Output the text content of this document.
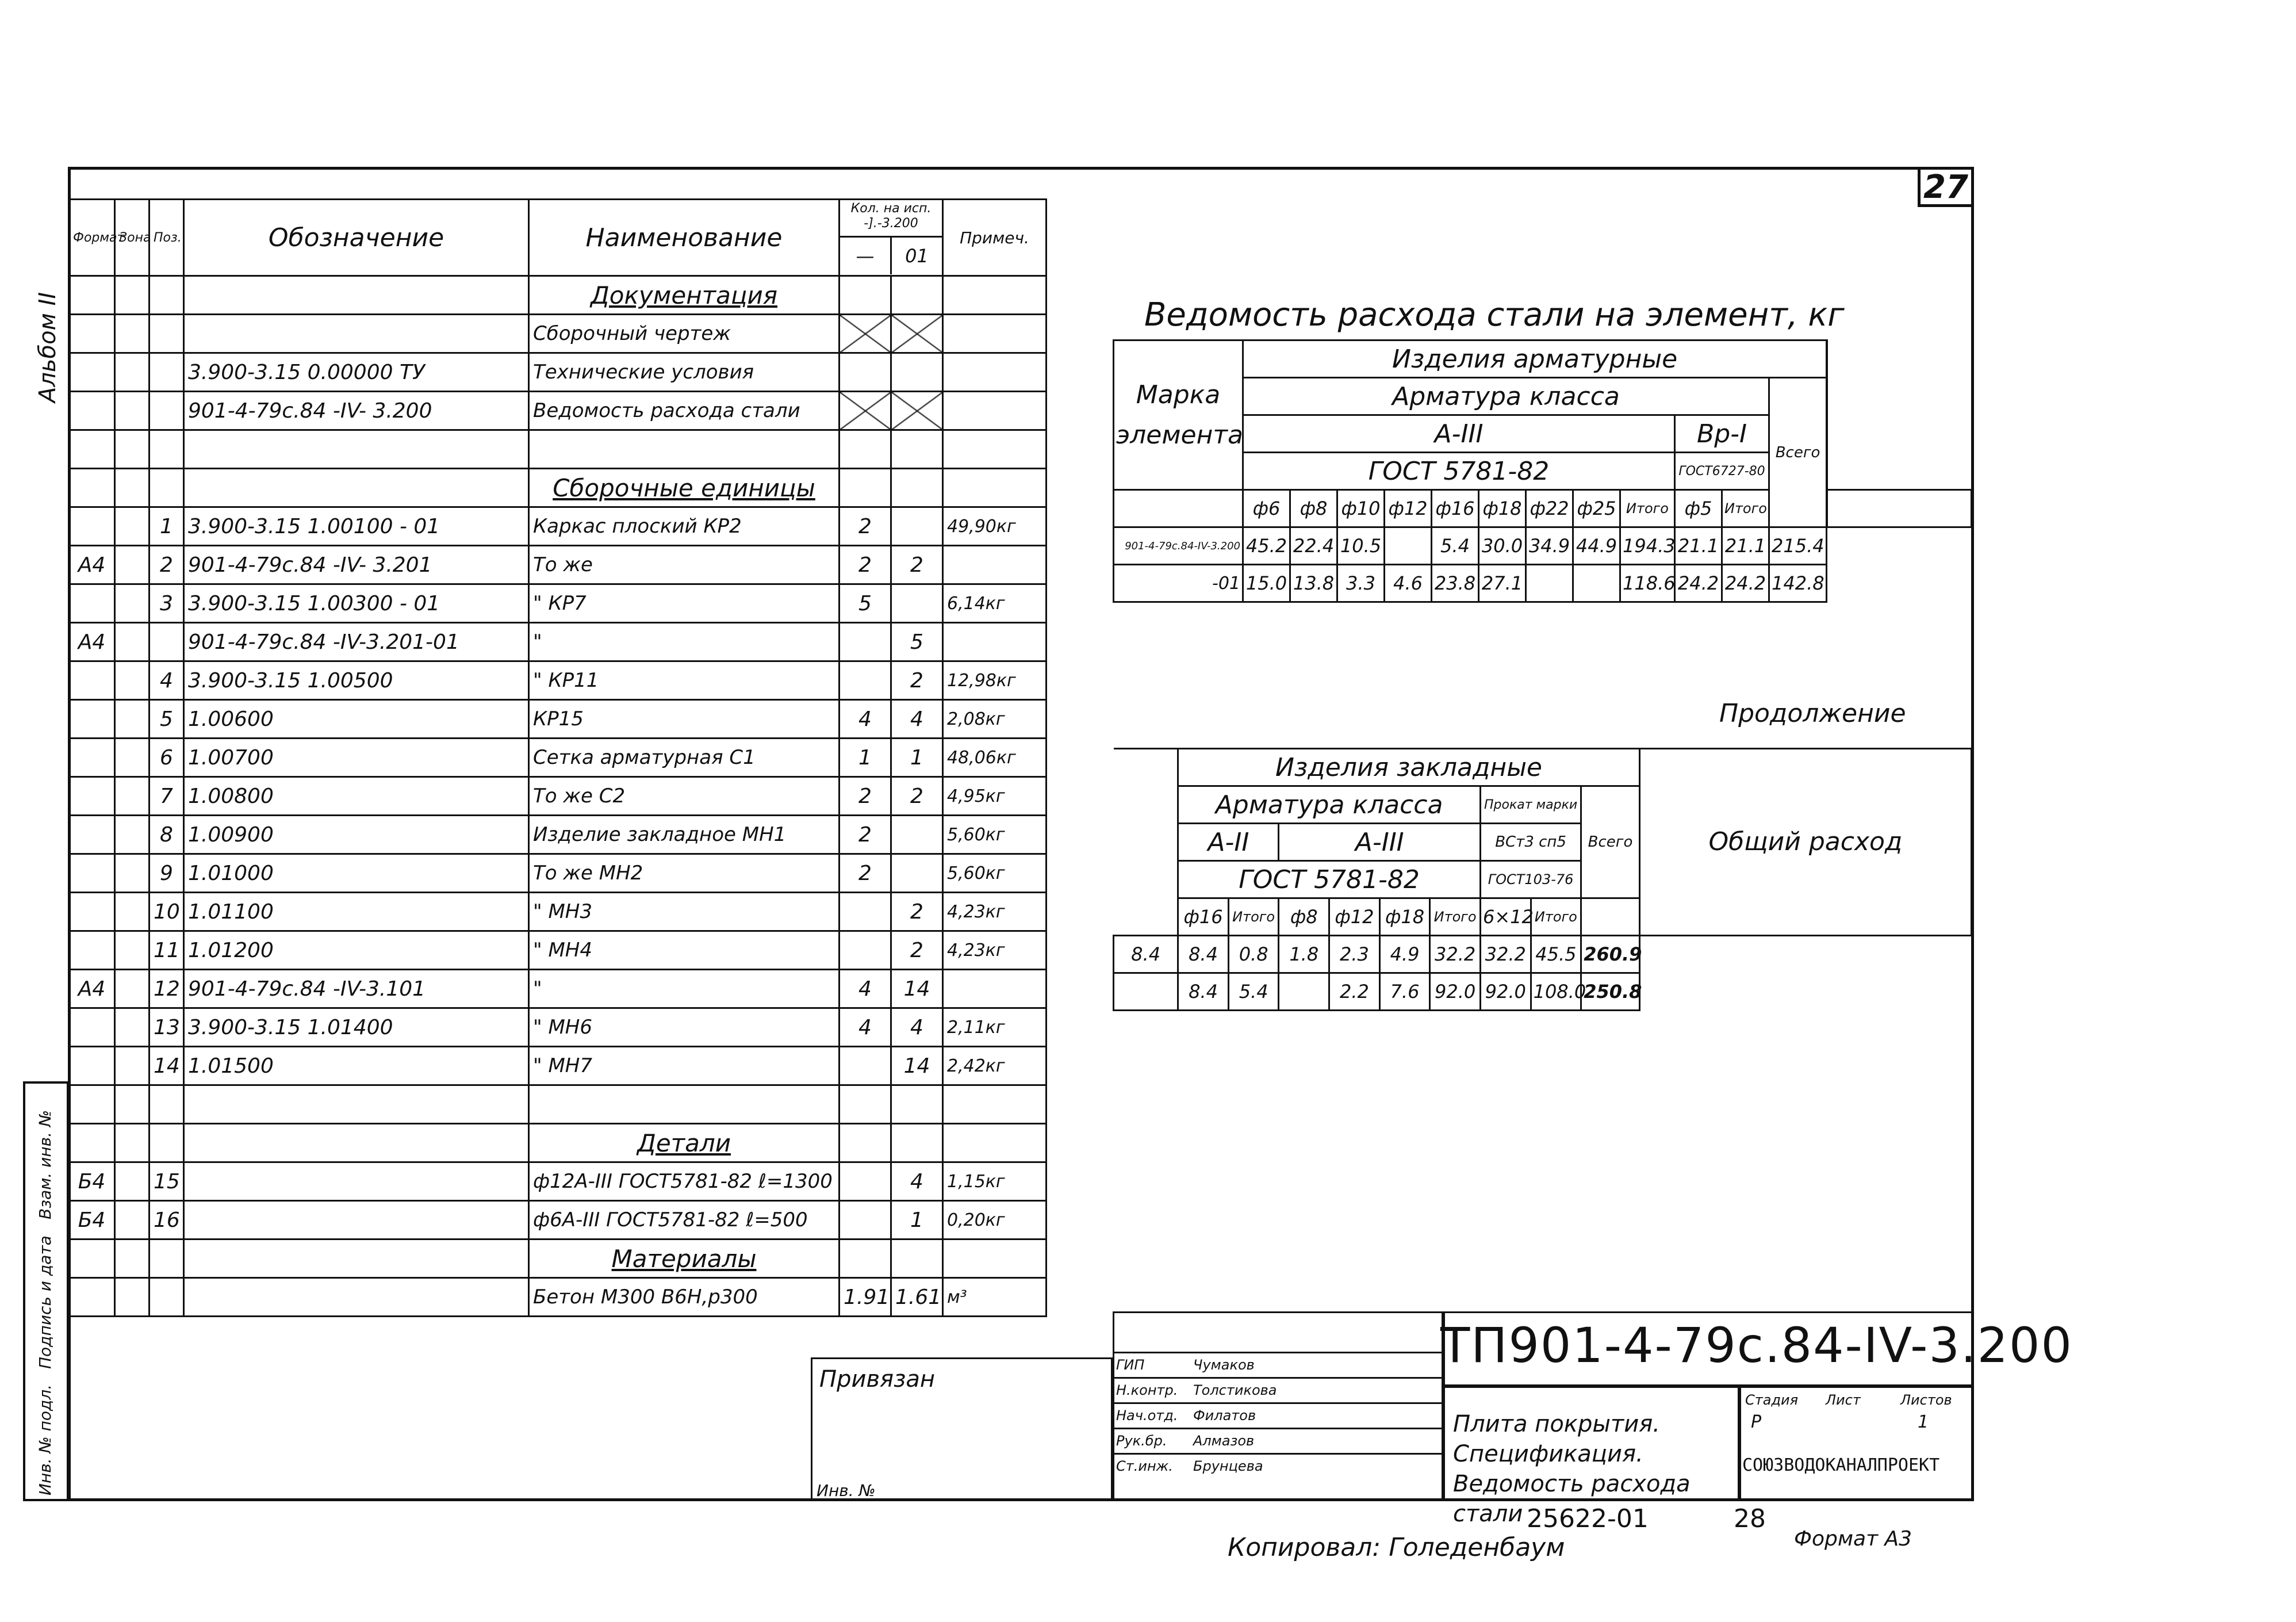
27
Альбом II
Инв. № подл.
Подпись и дата
Взам. инв. №
Формат	Зона	Поз.	Обозначение	Наименование	Кол. на исп. -].-3.200
— 01		Примеч.
				Документация			
				Сборочный чертеж			
			3.900-3.15 0.00000 ТУ	Технические условия			
			901-4-79с.84 -IV- 3.200	Ведомость расхода стали			

				Сборочные единицы			
		1	3.900-3.15 1.00100 - 01	Каркас плоский КР2	2		49,90кг
А4		2	901-4-79с.84 -IV- 3.201	То же	2	2	
		3	3.900-3.15 1.00300 - 01	" КР7	5		6,14кг
А4			901-4-79с.84 -IV-3.201-01	"		5	
		4	3.900-3.15 1.00500	" КР11		2	12,98кг
		5	1.00600	КР15	4	4	2,08кг
		6	1.00700	Сетка арматурная С1	1	1	48,06кг
		7	1.00800	То же С2	2	2	4,95кг
		8	1.00900	Изделие закладное МН1	2		5,60кг
		9	1.01000	То же МН2	2		5,60кг
		10	1.01100	" МН3		2	4,23кг
		11	1.01200	" МН4		2	4,23кг
А4		12	901-4-79с.84 -IV-3.101	"	4	14	
		13	3.900-3.15 1.01400	" МН6	4	4	2,11кг
		14	1.01500	" МН7		14	2,42кг

				Детали			
Б4		15		ф12А-III ГОСТ5781-82 ℓ=1300		4	1,15кг
Б4		16		ф6А-III ГОСТ5781-82 ℓ=500		1	0,20кг
				Материалы			
				Бетон М300 В6Н,р300	1.91	1.61	м³
Ведомость расхода стали на элемент, кг
Марка элемента	Изделия арматурные												
	Арматура класса											Всего	
	А-III									Вр-I			
	ГОСТ 5781-82									ГОСТ6727-80			
	ф6	ф8	ф10	ф12	ф16	ф18	ф22	ф25	Итого	ф5	Итого		
901-4-79с.84-IV-3.200	45.2	22.4	10.5		5.4	30.0	34.9	44.9	194.3	21.1	21.1	215.4	
-01	15.0	13.8	3.3	4.6	23.8	27.1			118.6	24.2	24.2	142.8	
Продолжение
	Изделия закладные									Общий расход
	Арматура класса						Прокат марки		Всего	
	А-II		А-III				ВСт3 сп5			
	ГОСТ 5781-82						ГОСТ103-76			
	ф16	Итого	ф8	ф12	ф18	Итого	6×12	Итого		
8.4	8.4	0.8	1.8	2.3	4.9	32.2	32.2	45.5	260.9	
	8.4	5.4		2.2	7.6	92.0	92.0	108.0	250.8	
ГИП	Чумаков
Н.контр. Толстикова
Нач.отд. Филатов
Рук.бр. Алмазов
Ст.инж. Брунцева
Плита покрытия. Спецификация. Ведомость расхода стали
Стадия Лист	Листов
Р	1
СОЮЗВОДОКАНАЛПРОЕКТ
ТП901-4-79с.84-IV-3.200
Привязан
Инв. №
25622-01	28
Копировал: Голеденбаум	Формат А3
